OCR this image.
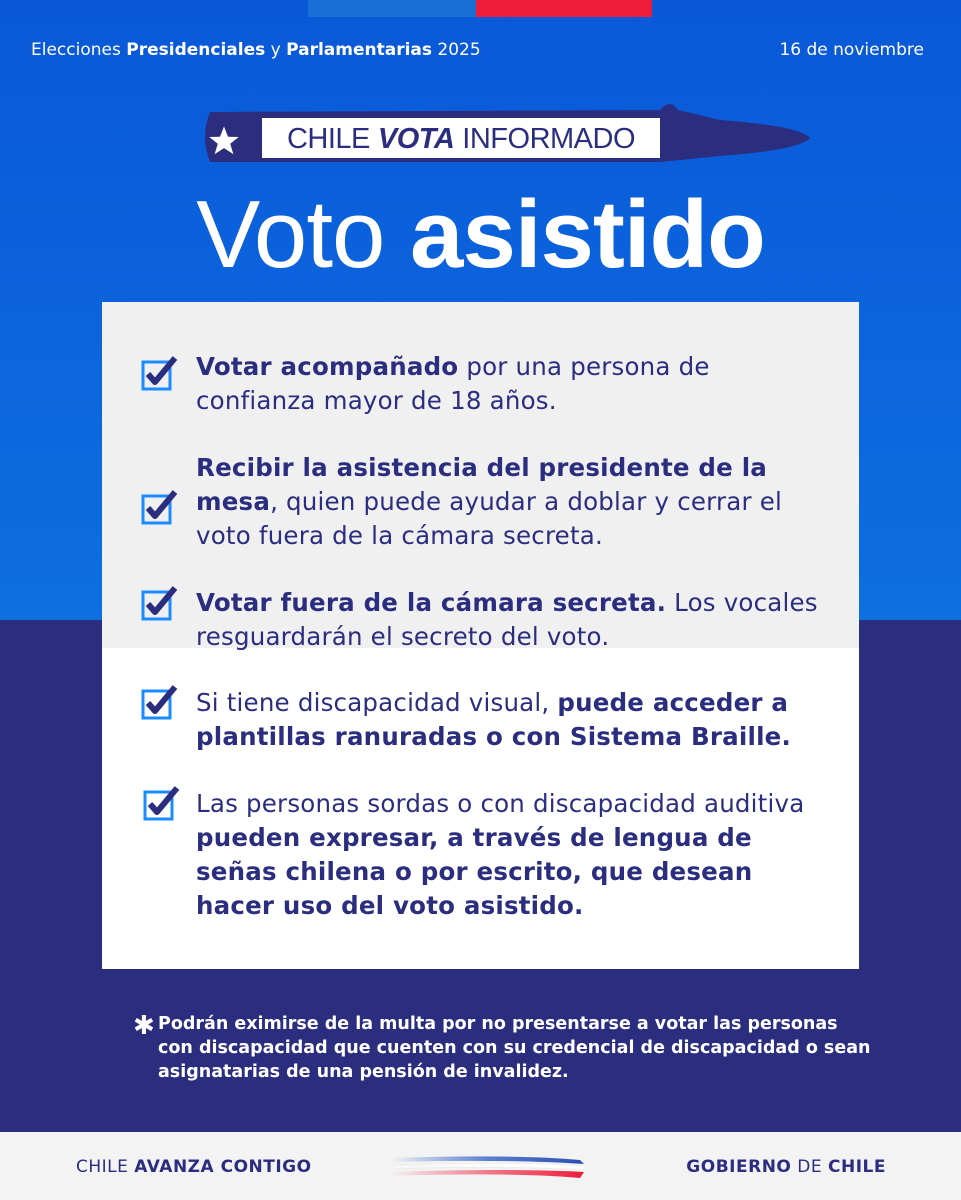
Elecciones Presidenciales y Parlamentarias 2025	16 de noviembre
CHILE VOTA INFORMADO
Voto asistido
Votar acompañado por una persona de confianza mayor de 18 años.
Recibir la asistencia del presidente de la mesa, quien puede ayudar a doblar y cerrar el voto fuera de la cámara secreta.
Votar fuera de la cámara secreta. Los vocales resguardarán el secreto del voto.
Si tiene discapacidad visual, puede acceder a plantillas ranuradas o con Sistema Braille.
Las personas sordas o con discapacidad auditiva pueden expresar, a través de lengua de señas chilena o por escrito, que desean hacer uso del voto asistido.
✱ Podrán eximirse de la multa por no presentarse a votar las personas con discapacidad que cuenten con su credencial de discapacidad o sean asignatarias de una pensión de invalidez.
CHILE AVANZA CONTIGO	GOBIERNO DE CHILE
